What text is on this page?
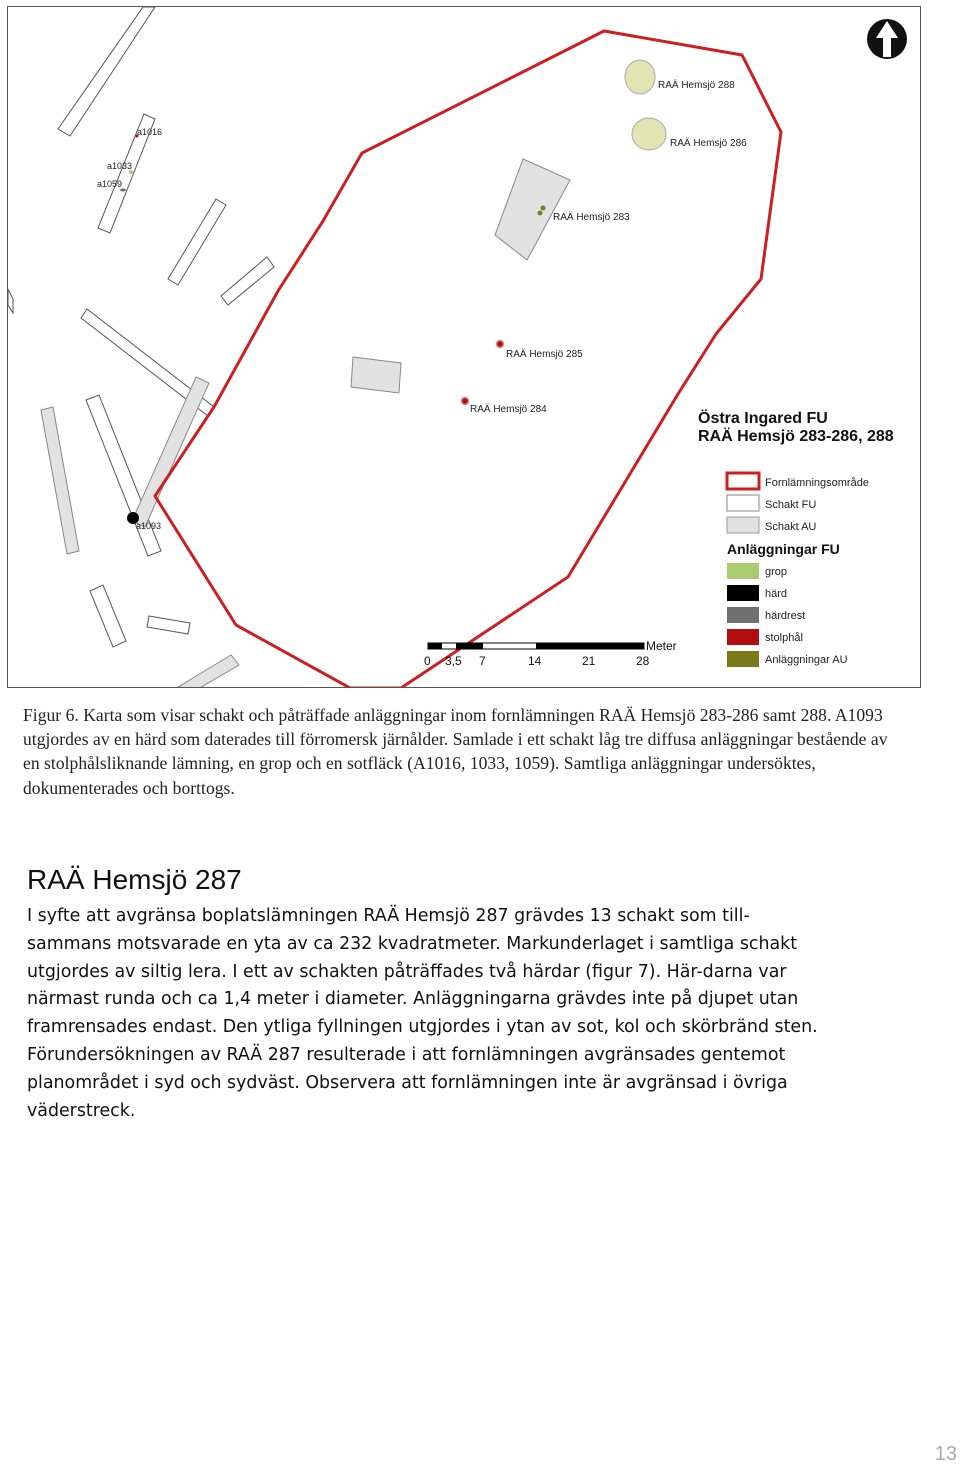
RAÄ Hemsjö 288
RAÄ Hemsjö 286
RAÄ Hemsjö 283
RAÄ Hemsjö 285
RAÄ Hemsjö 284
a1016
a1033
a1059
a1093
Östra Ingared FU
RAÄ Hemsjö 283-286, 288
Fornlämningsområde
Schakt FU
Schakt AU
Anläggningar FU
grop
härd
härdrest
stolphål
Anläggningar AU
Meter
0 3,5 7	14	21	28

Figur 6. Karta som visar schakt och påträffade anläggningar inom fornlämningen RAÄ Hemsjö 283-286 samt 288. A1093 utgjordes av en härd som daterades till förromersk järnålder. Samlade i ett schakt låg tre diffusa anläggningar bestående av en stolphålsliknande lämning, en grop och en sotfläck (A1016, 1033, 1059). Samtliga anläggningar undersöktes, dokumenterades och borttogs.

RAÄ Hemsjö 287

I syfte att avgränsa boplatslämningen RAÄ Hemsjö 287 grävdes 13 schakt som till-sammans motsvarade en yta av ca 232 kvadratmeter. Markunderlaget i samtliga schakt utgjordes av siltig lera. I ett av schakten påträffades två härdar (figur 7). Här-darna var närmast runda och ca 1,4 meter i diameter. Anläggningarna grävdes inte på djupet utan framrensades endast. Den ytliga fyllningen utgjordes i ytan av sot, kol och skörbränd sten. Förundersökningen av RAÄ 287 resulterade i att fornlämningen avgränsades gentemot planområdet i syd och sydväst. Observera att fornlämningen inte är avgränsad i övriga väderstreck.

13
